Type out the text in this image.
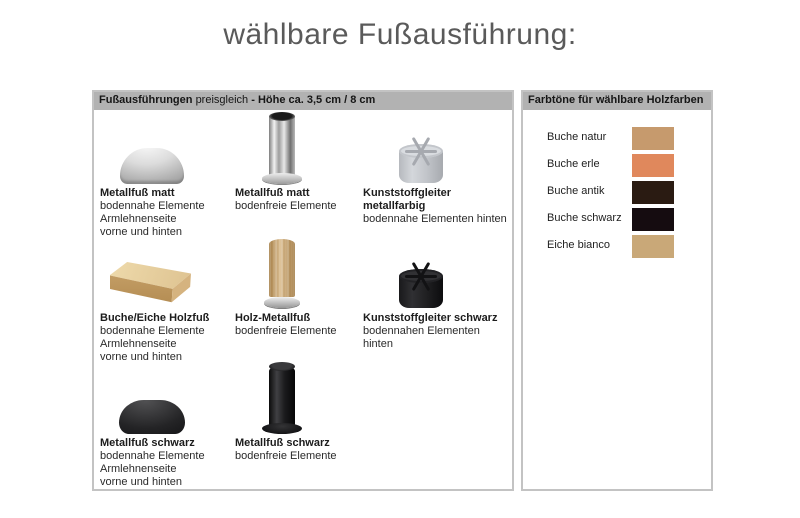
wählbare Fußausführung:
Fußausführungen preisgleich - Höhe ca. 3,5 cm / 8 cm
Metallfuß matt
bodennahe Elemente
Armlehnenseite
vorne und hinten
Metallfuß matt
bodenfreie Elemente
Kunststoffgleiter metallfarbig
bodennahe Elementen hinten
Buche/Eiche Holzfuß
bodennahe Elemente
Armlehnenseite
vorne und hinten
Holz-Metallfuß
bodenfreie Elemente
Kunststoffgleiter schwarz
bodennahen Elementen hinten
Metallfuß schwarz
bodennahe Elemente
Armlehnenseite
vorne und hinten
Metallfuß schwarz
bodenfreie Elemente
Farbtöne für wählbare Holzfarben
Buche natur
Buche erle
Buche antik
Buche schwarz
Eiche bianco
